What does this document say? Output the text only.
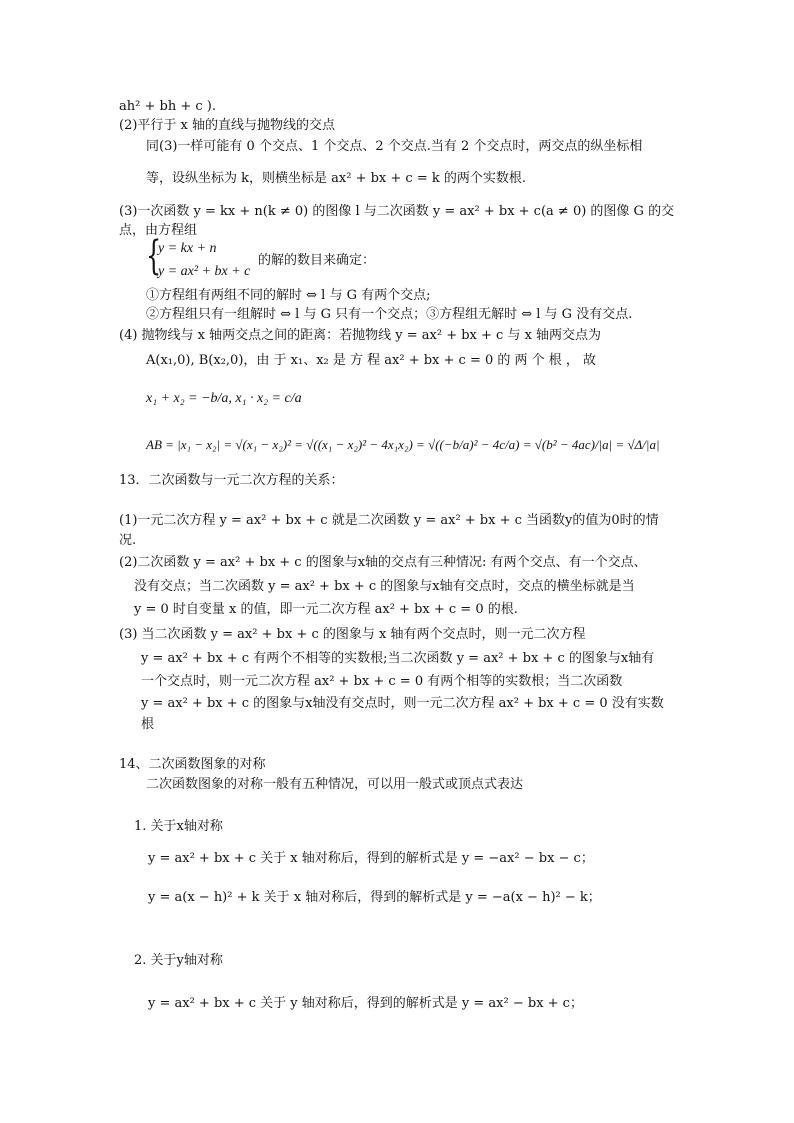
ah² + bh + c ).
(2)平行于 x 轴的直线与抛物线的交点
同(3)一样可能有 0 个交点、1 个交点、2 个交点.当有 2 个交点时，两交点的纵坐标相
等，设纵坐标为 k，则横坐标是 ax² + bx + c = k 的两个实数根.
(3)一次函数 y = kx + n(k ≠ 0) 的图像 l 与二次函数 y = ax² + bx + c(a ≠ 0) 的图像 G 的交
点，由方程组
{
y = kx + n
y = ax² + bx + c
的解的数目来确定：
①方程组有两组不同的解时 ⇔ l 与 G 有两个交点;
②方程组只有一组解时 ⇔ l 与 G 只有一个交点；③方程组无解时 ⇔ l 与 G 没有交点.
(4) 抛物线与 x 轴两交点之间的距离：若抛物线 y = ax² + bx + c 与 x 轴两交点为
A(x₁,0), B(x₂,0)，由 于 x₁、x₂ 是 方 程 ax² + bx + c = 0 的 两 个 根 ， 故
x₁ + x₂ = −b/a, x₁ · x₂ = c/a
AB = |x₁ − x₂| = √(x₁ − x₂)² = √((x₁ − x₂)² − 4x₁x₂) = √((−b/a)² − 4c/a) = √(b² − 4ac)/|a| = √Δ/|a|
13．二次函数与一元二次方程的关系：
(1)一元二次方程 y = ax² + bx + c 就是二次函数 y = ax² + bx + c 当函数y的值为0时的情
况.
(2)二次函数 y = ax² + bx + c 的图象与x轴的交点有三种情况: 有两个交点、有一个交点、
没有交点；当二次函数 y = ax² + bx + c 的图象与x轴有交点时，交点的横坐标就是当
y = 0 时自变量 x 的值，即一元二次方程 ax² + bx + c = 0 的根.
(3) 当二次函数 y = ax² + bx + c 的图象与 x 轴有两个交点时，则一元二次方程
y = ax² + bx + c 有两个不相等的实数根;当二次函数 y = ax² + bx + c 的图象与x轴有
一个交点时，则一元二次方程 ax² + bx + c = 0 有两个相等的实数根；当二次函数
y = ax² + bx + c 的图象与x轴没有交点时，则一元二次方程 ax² + bx + c = 0 没有实数
根
14、二次函数图象的对称
二次函数图象的对称一般有五种情况，可以用一般式或顶点式表达
1. 关于x轴对称
y = ax² + bx + c 关于 x 轴对称后，得到的解析式是 y = −ax² − bx − c；
y = a(x − h)² + k 关于 x 轴对称后，得到的解析式是 y = −a(x − h)² − k；
2. 关于y轴对称
y = ax² + bx + c 关于 y 轴对称后，得到的解析式是 y = ax² − bx + c；
